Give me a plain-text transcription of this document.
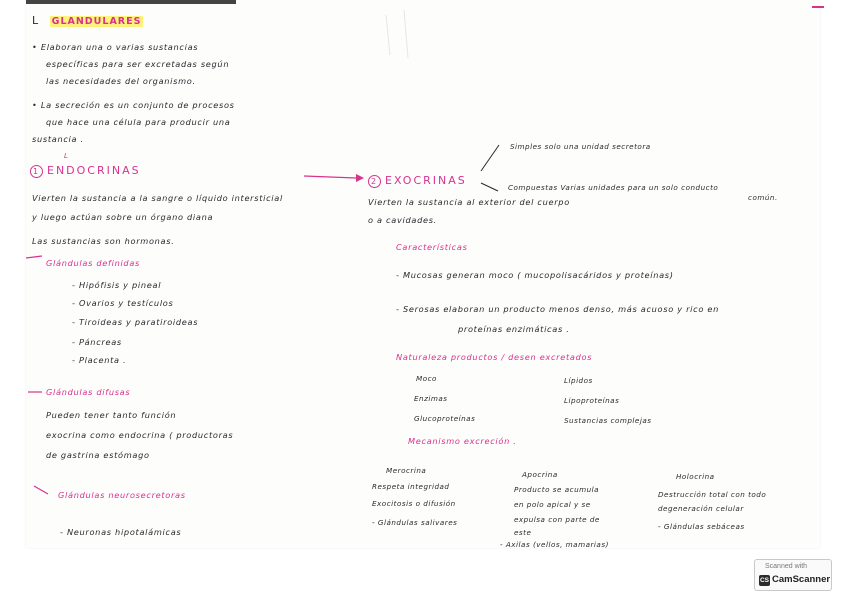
L GLANDULARES
• Elaboran una o varias sustancias
específicas para ser excretadas según
las necesidades del organismo.
• La secreción es un conjunto de procesos
que hace una célula para producir una
sustancia .
L
1 ENDOCRINAS
Vierten la sustancia a la sangre o líquido intersticial
y luego actúan sobre un órgano diana
Las sustancias son hormonas.
Glándulas definidas
- Hipófisis y pineal
- Ovarios y testículos
- Tiroideas y paratiroideas
- Páncreas
- Placenta .
Glándulas difusas
Pueden tener tanto función
exocrina como endocrina ( productoras
de gastrina estómago
Glándulas neurosecretoras
- Neuronas hipotalámicas
2 EXOCRINAS
Simples solo una unidad secretora
Compuestas Varias unidades para un solo conducto
común.
Vierten la sustancia al exterior del cuerpo
o a cavidades.
Características
- Mucosas generan moco ( mucopolisacáridos y proteínas)
- Serosas elaboran un producto menos denso, más acuoso y rico en
proteínas enzimáticas .
Naturaleza productos / desen excretados
Moco
Enzimas
Glucoproteínas
Lípidos
Lipoproteínas
Sustancias complejas
Mecanismo excreción .
Merocrina
Respeta integridad
Exocitosis o difusión
- Glándulas salivares
Apocrina
Producto se acumula
en polo apical y se
expulsa con parte de
este
- Axilas (vellos, mamarias)
Holocrina
Destrucción total con todo
degeneración celular
- Glándulas sebáceas
Scanned with
CS CamScanner
